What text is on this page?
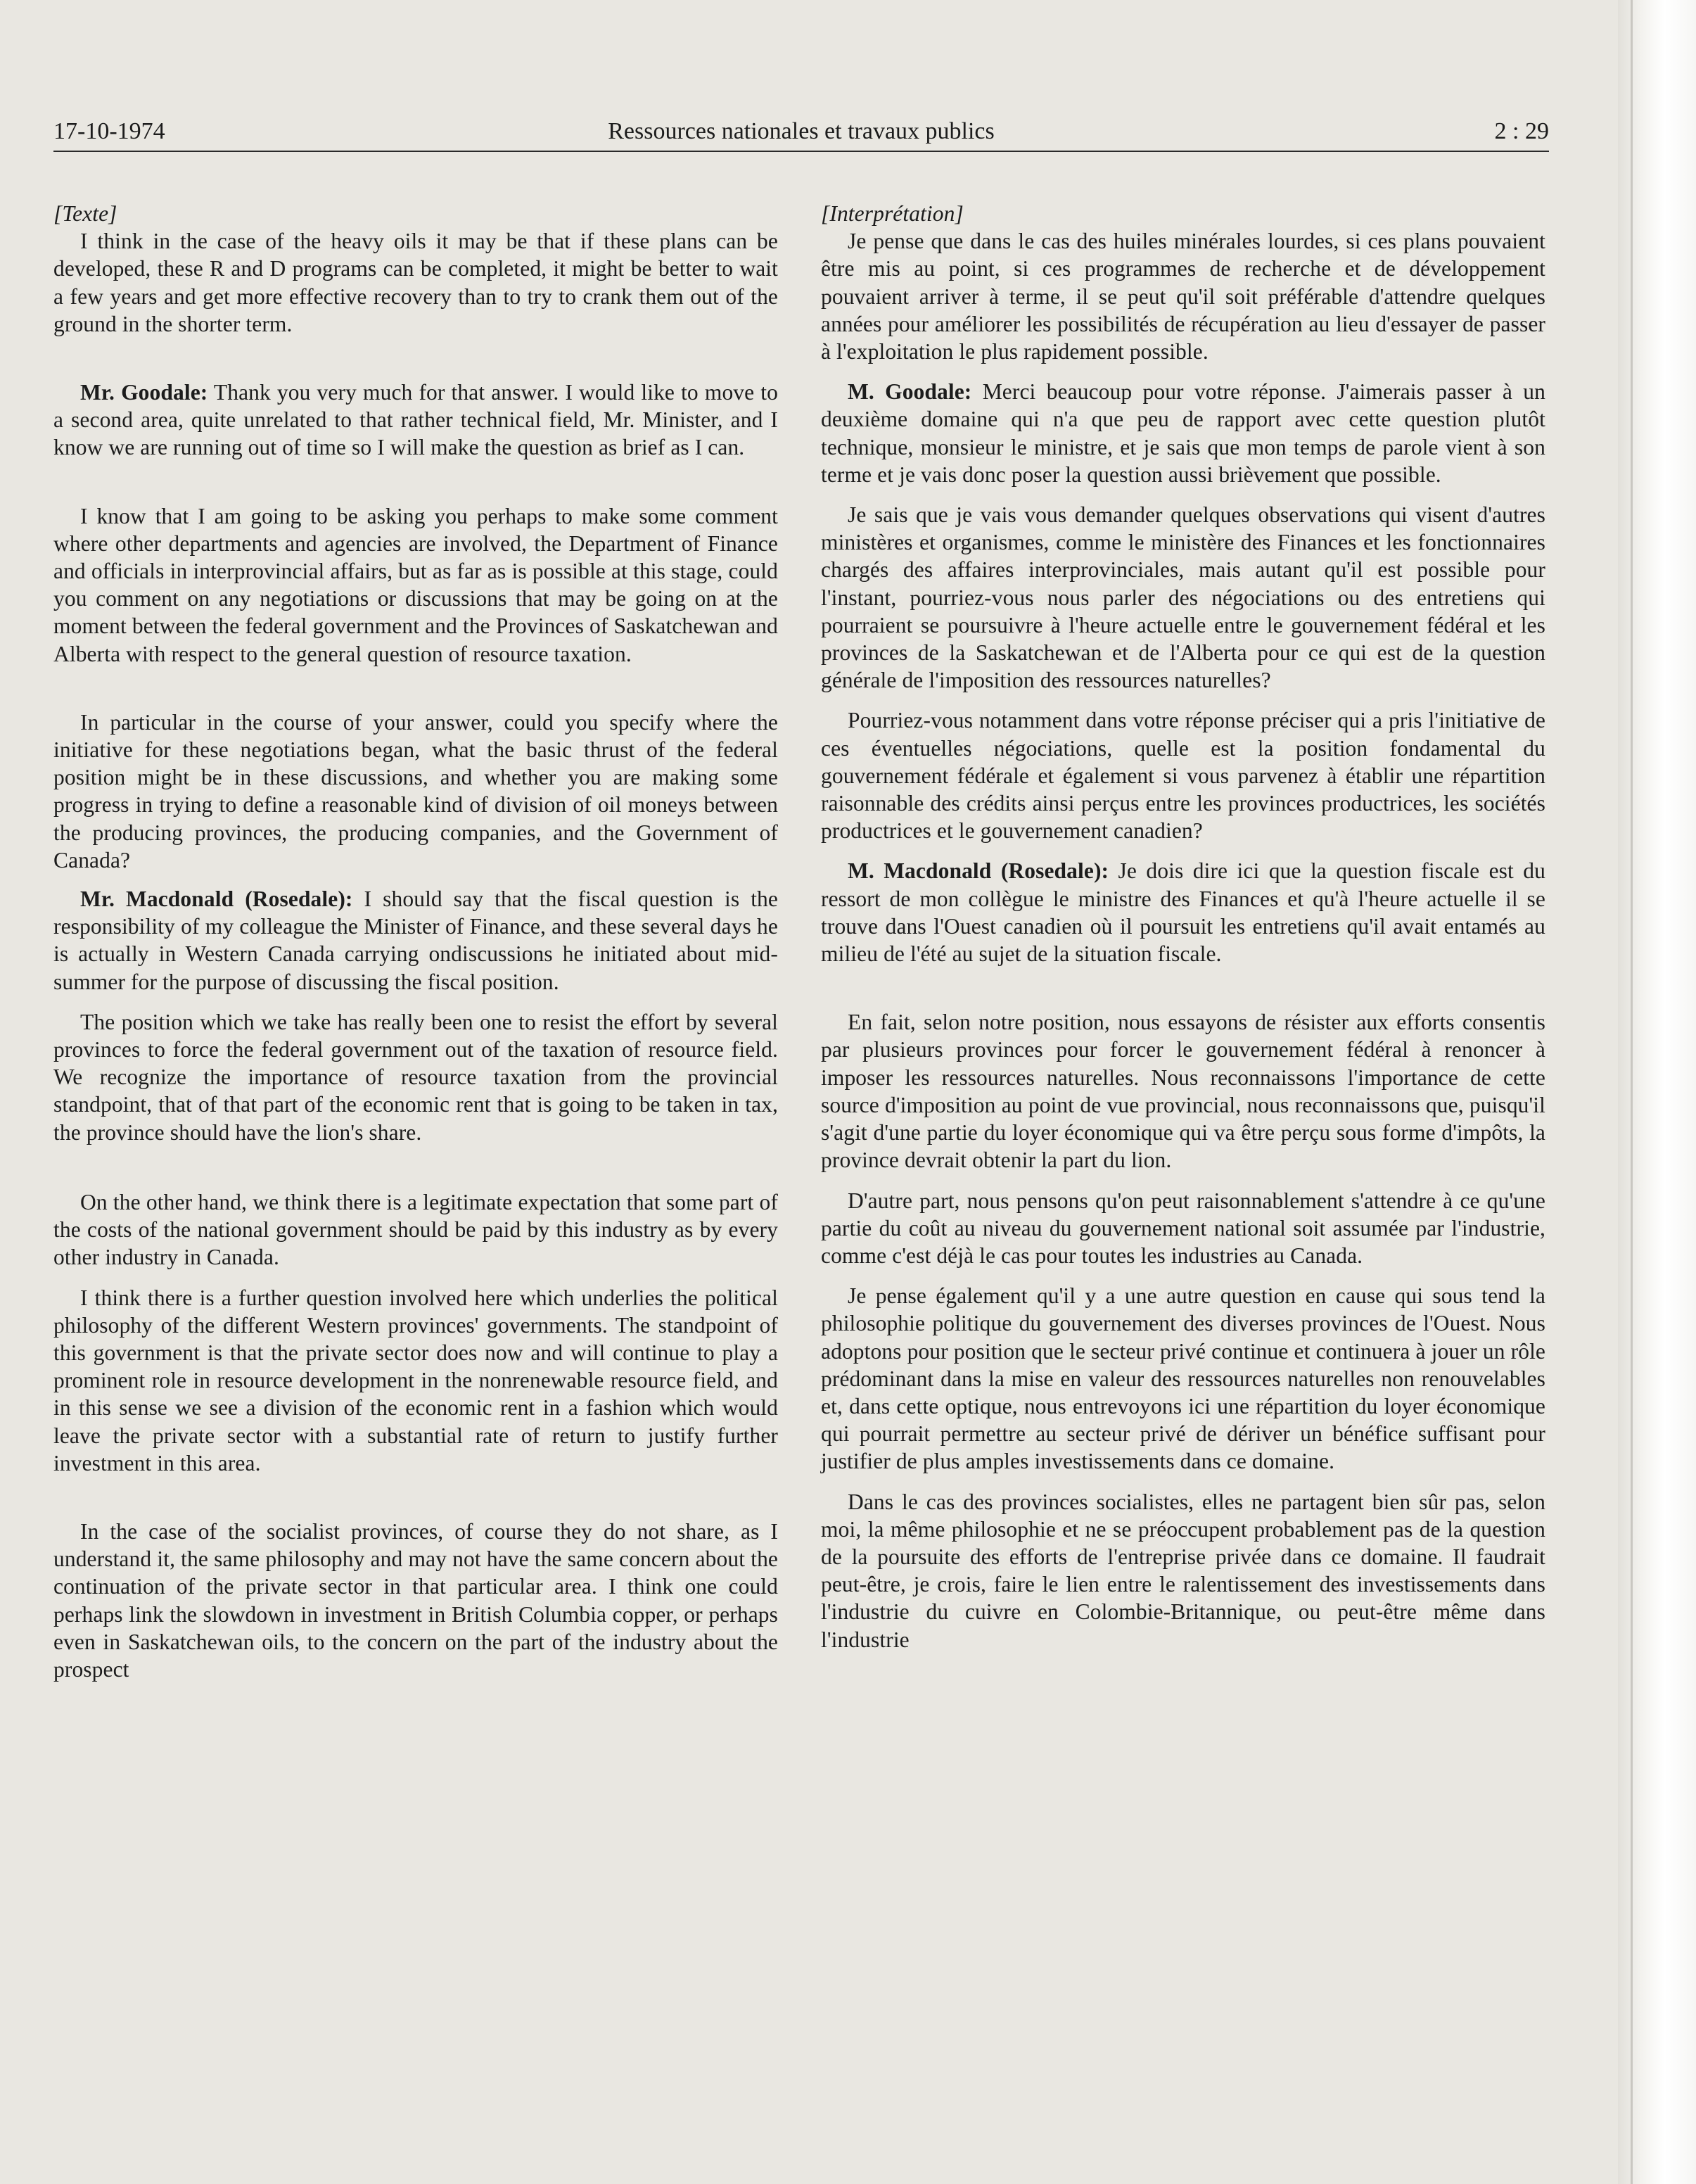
17-10-1974	Ressources nationales et travaux publics	2 : 29

[Texte]

I think in the case of the heavy oils it may be that if these plans can be developed, these R and D programs can be completed, it might be better to wait a few years and get more effective recovery than to try to crank them out of the ground in the shorter term.

Mr. Goodale: Thank you very much for that answer. I would like to move to a second area, quite unrelated to that rather technical field, Mr. Minister, and I know we are running out of time so I will make the question as brief as I can.

I know that I am going to be asking you perhaps to make some comment where other departments and agencies are involved, the Department of Finance and officials in interprovincial affairs, but as far as is possible at this stage, could you comment on any negotiations or discussions that may be going on at the moment between the federal government and the Provinces of Saskatchewan and Alberta with respect to the general question of resource taxation.

In particular in the course of your answer, could you specify where the initiative for these negotiations began, what the basic thrust of the federal position might be in these discussions, and whether you are making some progress in trying to define a reasonable kind of division of oil moneys between the producing provinces, the producing companies, and the Government of Canada?

Mr. Macdonald (Rosedale): I should say that the fiscal question is the responsibility of my colleague the Minister of Finance, and these several days he is actually in Western Canada carrying ondiscussions he initiated about mid-summer for the purpose of discussing the fiscal position.

The position which we take has really been one to resist the effort by several provinces to force the federal government out of the taxation of resource field. We recognize the importance of resource taxation from the provincial standpoint, that of that part of the economic rent that is going to be taken in tax, the province should have the lion's share.

On the other hand, we think there is a legitimate expectation that some part of the costs of the national government should be paid by this industry as by every other industry in Canada.

I think there is a further question involved here which underlies the political philosophy of the different Western provinces' governments. The standpoint of this government is that the private sector does now and will continue to play a prominent role in resource development in the nonrenewable resource field, and in this sense we see a division of the economic rent in a fashion which would leave the private sector with a substantial rate of return to justify further investment in this area.

In the case of the socialist provinces, of course they do not share, as I understand it, the same philosophy and may not have the same concern about the continuation of the private sector in that particular area. I think one could perhaps link the slowdown in investment in British Columbia copper, or perhaps even in Saskatchewan oils, to the concern on the part of the industry about the prospect

[Interprétation]

Je pense que dans le cas des huiles minérales lourdes, si ces plans pouvaient être mis au point, si ces programmes de recherche et de développement pouvaient arriver à terme, il se peut qu'il soit préférable d'attendre quelques années pour améliorer les possibilités de récupération au lieu d'essayer de passer à l'exploitation le plus rapidement possible.

M. Goodale: Merci beaucoup pour votre réponse. J'aimerais passer à un deuxième domaine qui n'a que peu de rapport avec cette question plutôt technique, monsieur le ministre, et je sais que mon temps de parole vient à son terme et je vais donc poser la question aussi brièvement que possible.

Je sais que je vais vous demander quelques observations qui visent d'autres ministères et organismes, comme le ministère des Finances et les fonctionnaires chargés des affaires interprovinciales, mais autant qu'il est possible pour l'instant, pourriez-vous nous parler des négociations ou des entretiens qui pourraient se poursuivre à l'heure actuelle entre le gouvernement fédéral et les provinces de la Saskatchewan et de l'Alberta pour ce qui est de la question générale de l'imposition des ressources naturelles?

Pourriez-vous notamment dans votre réponse préciser qui a pris l'initiative de ces éventuelles négociations, quelle est la position fondamental du gouvernement fédérale et également si vous parvenez à établir une répartition raisonnable des crédits ainsi perçus entre les provinces productrices, les sociétés productrices et le gouvernement canadien?

M. Macdonald (Rosedale): Je dois dire ici que la question fiscale est du ressort de mon collègue le ministre des Finances et qu'à l'heure actuelle il se trouve dans l'Ouest canadien où il poursuit les entretiens qu'il avait entamés au milieu de l'été au sujet de la situation fiscale.

En fait, selon notre position, nous essayons de résister aux efforts consentis par plusieurs provinces pour forcer le gouvernement fédéral à renoncer à imposer les ressources naturelles. Nous reconnaissons l'importance de cette source d'imposition au point de vue provincial, nous reconnaissons que, puisqu'il s'agit d'une partie du loyer économique qui va être perçu sous forme d'impôts, la province devrait obtenir la part du lion.

D'autre part, nous pensons qu'on peut raisonnablement s'attendre à ce qu'une partie du coût au niveau du gouvernement national soit assumée par l'industrie, comme c'est déjà le cas pour toutes les industries au Canada.

Je pense également qu'il y a une autre question en cause qui sous tend la philosophie politique du gouvernement des diverses provinces de l'Ouest. Nous adoptons pour position que le secteur privé continue et continuera à jouer un rôle prédominant dans la mise en valeur des ressources naturelles non renouvelables et, dans cette optique, nous entrevoyons ici une répartition du loyer économique qui pourrait permettre au secteur privé de dériver un bénéfice suffisant pour justifier de plus amples investissements dans ce domaine.

Dans le cas des provinces socialistes, elles ne partagent bien sûr pas, selon moi, la même philosophie et ne se préoccupent probablement pas de la question de la poursuite des efforts de l'entreprise privée dans ce domaine. Il faudrait peut-être, je crois, faire le lien entre le ralentissement des investissements dans l'industrie du cuivre en Colombie-Britannique, ou peut-être même dans l'industrie
